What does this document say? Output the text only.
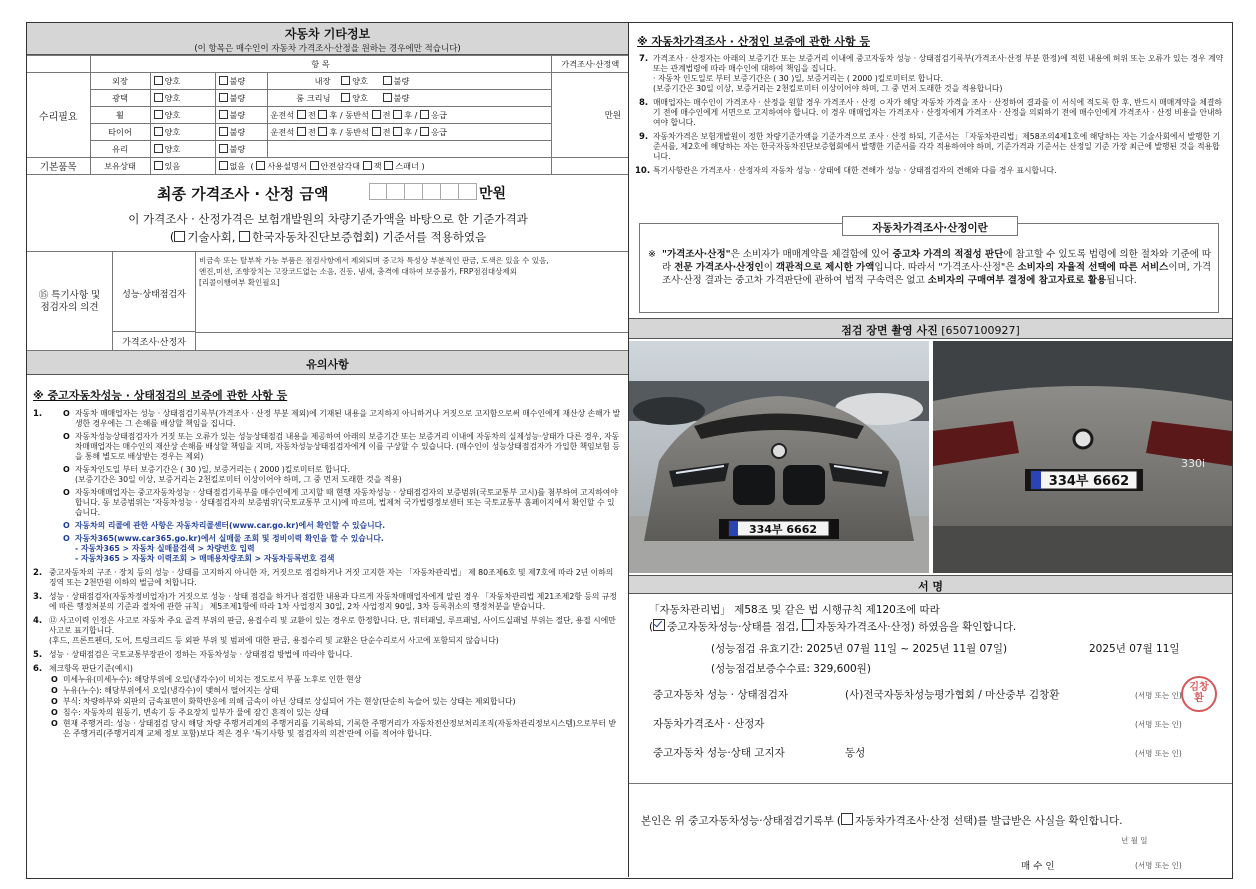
자동차 기타정보
(이 항목은 매수인이 자동차 가격조사·산정을 원하는 경우에만 적습니다)
	항 목				가격조사·산정액
수리필요	외장	양호	불량	내장 양호 불량	만원
	광택	양호	불량	룸 크리닝 양호 불량	
	휠	양호	불량	운전석 전 후 / 동반석 전 후 / 응급	
	타이어	양호	불량	운전석 전 후 / 동반석 전 후 / 응급	
	유리	양호	불량		
기본품목	보유상태	있음	없음  ( 사용설명서 안전삼각대 잭 스패너 )		
최종 가격조사 · 산정 금액	만원
이 가격조사 · 산정가격은 보험개발원의 차량기준가액을 바탕으로 한 기준가격과
( 기술사회, 한국자동차진단보증협회) 기준서를 적용하였음
⑮ 특기사항 및
점검자의 의견
성능·상태점검자
비금속 또는 탈부착 가능 부품은 점검사항에서 제외되며 중고차 특성상 부분적인 판금, 도색은 있을 수 있음,
엔진,미션, 조향장치는 고장코드없는 소음, 진동, 냄새, 충격에 대하여 보증불가, FRP점검대상제외
[리콜이행여부 확인필요]
가격조사·산정자
유의사항
※ 중고자동차성능 · 상태점검의 보증에 관한 사항 등
1.	O 자동차 매매업자는 성능 · 상태점검기록부(가격조사 · 산정 부분 제외)에 기재된 내용을 고지하지 아니하거나 거짓으로 고지함으로써 매수인에게 재산상 손해가 발생한 경우에는 그 손해를 배상할 책임을 집니다.
O 자동차성능상태점검자가 거짓 또는 오류가 있는 성능상태점검 내용을 제공하여 아래의 보증기간 또는 보증거리 이내에 자동차의 실제성능·상태가 다른 경우, 자동차매매업자는 매수인의 재산상 손해를 배상할 책임을 지며, 자동차성능상태점검자에게 이를 구상할 수 있습니다. (매수인이 성능상태점검자가 가입한 책임보험 등을 통해 별도로 배상받는 경우는 제외)
O 자동차인도일 부터 보증기간은 ( 30 )일, 보증거리는 ( 2000 )킬로미터로 합니다.
(보증기간은 30일 이상, 보증거리는 2천킬로미터 이상이어야 하며, 그 중 먼저 도래한 것을 적용)
O 자동차매매업자는 중고자동차성능 · 상태점검기록부를 매수인에게 고지할 때 현행 자동차성능 · 상태점검자의 보증범위(국토교통부 고시)를 첨부하여 고지하여야 합니다. 동 보증범위는 '자동차성능 · 상태점검자의 보증범위'(국토교통부 고시)에 따르며, 법제처 국가법령정보센터 또는 국토교통부 홈페이지에서 확인할 수 있습니다.
O 자동차의 리콜에 관한 사항은 자동차리콜센터(www.car.go.kr)에서 확인할 수 있습니다.
O 자동차365(www.car365.go.kr)에서 실매물 조회 및 정비이력 확인을 할 수 있습니다.
- 자동차365 > 자동차 실매물검색 > 차량번호 입력
- 자동차365 > 자동차 이력조회 > 매매용차량조회 > 자동차등록번호 검색
2. 중고자동차의 구조 · 장치 등의 성능 · 상태를 고지하지 아니한 자, 거짓으로 점검하거나 거짓 고지한 자는 「자동차관리법」 제 80조제6호 및 제7호에 따라 2년 이하의 징역 또는 2천만원 이하의 벌금에 처합니다.
3. 성능 · 상태점검자(자동차정비업자)가 거짓으로 성능 · 상태 점검을 하거나 점검한 내용과 다르게 자동차매매업자에게 알린 경우 「자동차관리법 제21조제2항 등의 규정에 따른 행정처분의 기준과 절차에 관한 규칙」 제5조제1항에 따라 1차 사업정지 30일, 2차 사업정지 90일, 3차 등록취소의 행정처분을 받습니다.
4. ⑫ 사고이력 인정은 사고로 자동차 주요 골격 부위의 판금, 용접수리 및 교환이 있는 경우로 한정합니다. 단, 쿼터패널, 루프패널, 사이드실패널 부위는 절단, 용접 시에만 사고로 표기합니다.
(후드, 프론트펜더, 도어, 트렁크리드 등 외판 부위 및 범퍼에 대한 판금, 용접수리 및 교환은 단순수리로서 사고에 포함되지 않습니다)
5. 성능 · 상태점검은 국토교통부장관이 정하는 자동차성능 · 상태점검 방법에 따라야 합니다.
6. 체크항목 판단기준(예시)
O 미세누유(미세누수): 해당부위에 오일(냉각수)이 비치는 정도로서 부품 노후로 인한 현상
O 누유(누수): 해당부위에서 오일(냉각수)이 맺혀서 떨어지는 상태
O 부식: 차량하부와 외판의 금속표면이 화학반응에 의해 금속이 아닌 상태로 상실되어 가는 현상(단순히 녹슬어 있는 상태는 제외합니다)
O 침수: 자동차의 원동기, 변속기 등 주요장치 일부가 물에 잠긴 흔적이 있는 상태
O 현재 주행거리: 성능 · 상태점검 당시 해당 차량 주행거리계의 주행거리를 기록하되, 기록한 주행거리가 자동차전산정보처리조직(자동차관리정보시스템)으로부터 받은 주행거리(주행거리계 교체 정보 포함)보다 적은 경우 '특기사항 및 점검자의 의견'란에 이를 적어야 합니다.
※ 자동차가격조사 · 산정인 보증에 관한 사항 등
7. 가격조사 · 산정자는 아래의 보증기간 또는 보증거리 이내에 중고자동차 성능 · 상태점검기록부(가격조사·산정 부분 한정)에 적힌 내용에 허위 또는 오류가 있는 경우 계약 또는 관계법령에 따라 매수인에 대하여 책임을 집니다.
· 자동차 인도일로 부터 보증기간은 ( 30 )일, 보증거리는 ( 2000 )킬로미터로 합니다.
(보증기간은 30일 이상, 보증거리는 2천킬로미터 이상이어야 하며, 그 중 먼저 도래한 것을 적용합니다)
8. 매매업자는 매수인이 가격조사 · 산정을 원할 경우 가격조사 · 산정 ㅇ자가 해당 자동차 가격을 조사 · 산정하여 결과를 이 서식에 적도록 한 후, 반드시 매매계약을 체결하기 전에 매수인에게 서면으로 고지하여야 합니다. 이 경우 매매업자는 가격조사 · 산정자에게 가격조사 · 산정을 의뢰하기 전에 매수인에게 가격조사 · 산정 비용을 안내하여야 합니다.
9. 자동차가격은 보험개발원이 정한 차량기준가액을 기준가격으로 조사 · 산정 하되, 기준서는 「자동차관리법」제58조의4제1호에 해당하는 자는 기술사회에서 발행한 기준서를, 제2호에 해당하는 자는 한국자동차진단보증협회에서 발행한 기준서를 각각 적용하여야 하며, 기준가격과 기준서는 산정일 기준 가장 최근에 발행된 것을 적용합니다.
10. 특기사항란은 가격조사 · 산정자의 자동차 성능 · 상태에 대한 견해가 성능 · 상태점검자의 견해와 다를 경우 표시합니다.
자동차가격조사·산정이란
※ "가격조사·산정"은 소비자가 매매계약을 체결함에 있어 중고차 가격의 적절성 판단에 참고할 수 있도록 법령에 의한 절차와 기준에 따라 전문 가격조사·산정인이 객관적으로 제시한 가액입니다. 따라서 "가격조사·산정"은 소비자의 자율적 선택에 따른 서비스이며, 가격조사·산정 결과는 중고차 가격판단에 관하여 법적 구속력은 없고 소비자의 구매여부 결정에 참고자료로 활용됩니다.
점검 장면 촬영 사진 [6507100927]
334부 6662
330i
334부 6662
서 명
「자동차관리법」 제58조 및 같은 법 시행규칙 제120조에 따라
( 중고자동차성능·상태를 점검, 자동차가격조사·산정) 하였음을 확인합니다.
(성능점검 유효기간: 2025년 07월 11일 ~ 2025년 11월 07일)	2025년 07월 11일
(성능점검보증수수료: 329,600원)
중고자동차 성능 · 상태점검자	(사)전국자동차성능평가협회 / 마산중부 김창환	(서명 또는 인)
김창환
자동차가격조사 · 산정자	(서명 또는 인)
중고자동차 성능·상태 고지자	동성	(서명 또는 인)
본인은 위 중고자동차성능·상태점검기록부 ( 자동차가격조사·산정 선택)를 발급받은 사실을 확인합니다.
년 월 일
매 수 인	(서명 또는 인)
